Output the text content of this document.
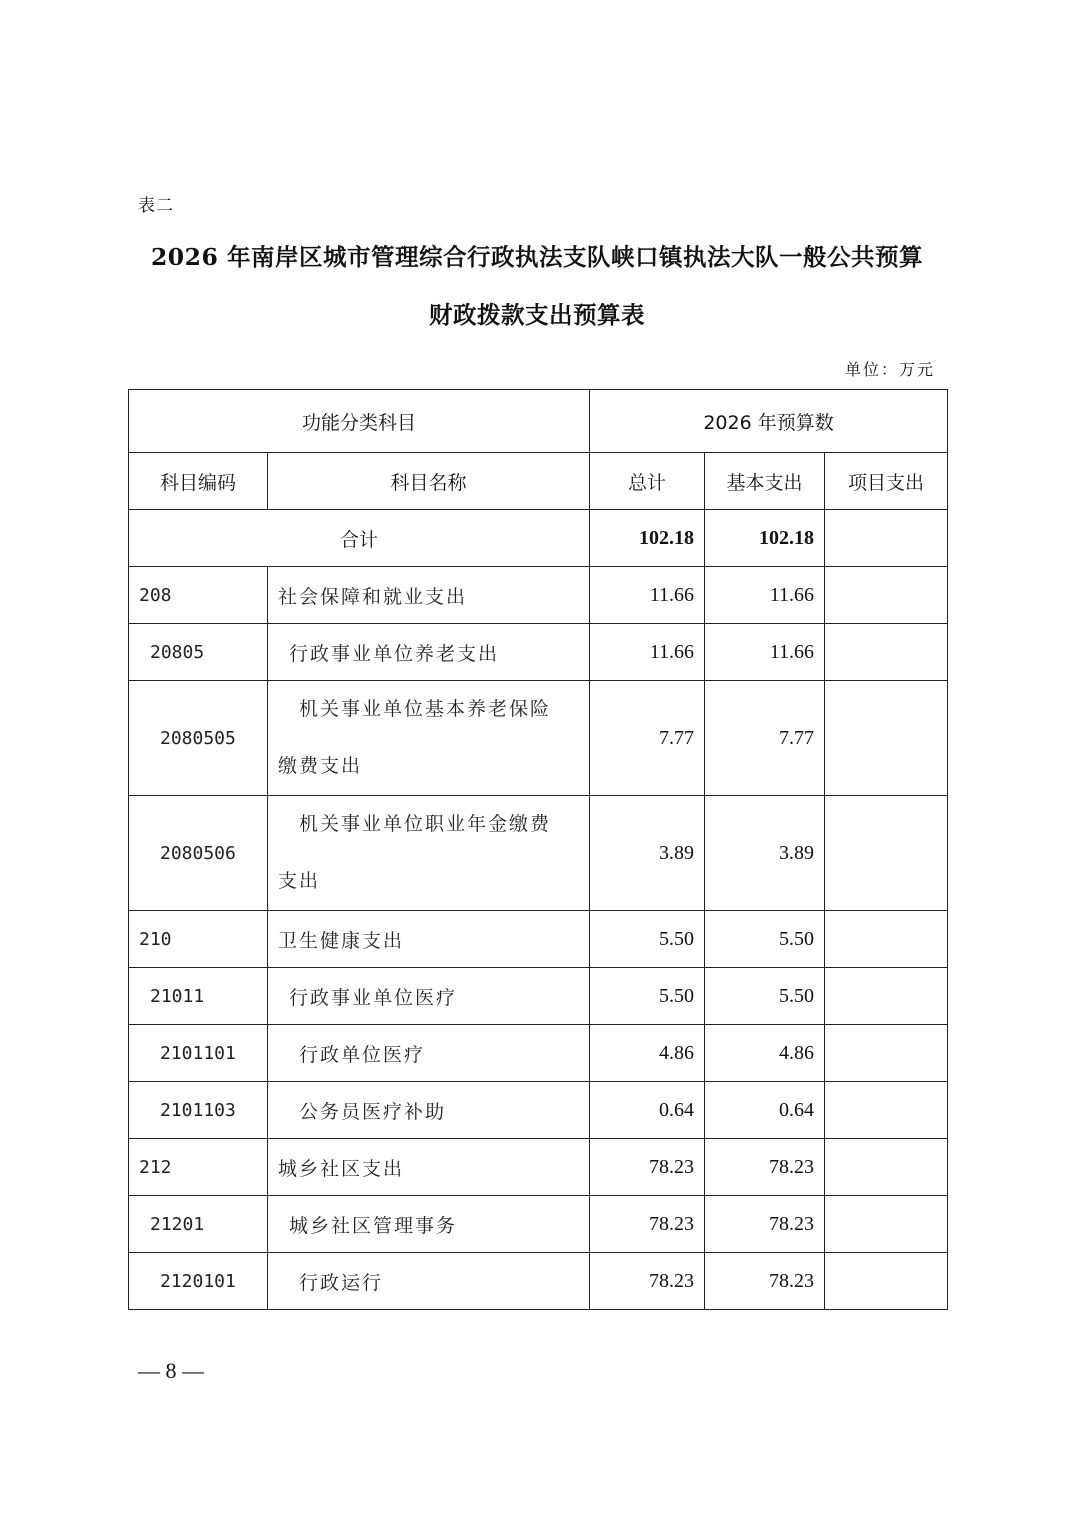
表二
2026 年南岸区城市管理综合行政执法支队峡口镇执法大队一般公共预算
财政拨款支出预算表
单位：万元
功能分类科目		2026 年预算数		
科目编码	科目名称	总计	基本支出	项目支出
合计		102.18	102.18	
208	社会保障和就业支出	11.66	11.66	
20805	行政事业单位养老支出	11.66	11.66	
2080505	机关事业单位基本养老保险
缴费支出	7.77	7.77	
2080506	机关事业单位职业年金缴费
支出	3.89	3.89	
210	卫生健康支出	5.50	5.50	
21011	行政事业单位医疗	5.50	5.50	
2101101	行政单位医疗	4.86	4.86	
2101103	公务员医疗补助	0.64	0.64	
212	城乡社区支出	78.23	78.23	
21201	城乡社区管理事务	78.23	78.23	
2120101	行政运行	78.23	78.23	
— 8 —
